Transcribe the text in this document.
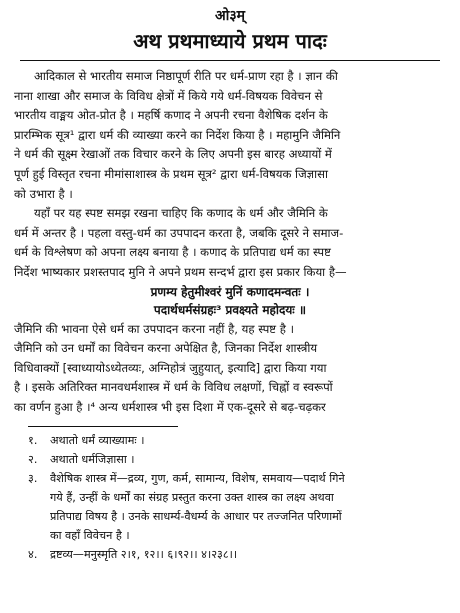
ओ३म्
अथ प्रथमाध्याये प्रथम पादः

आदिकाल से भारतीय समाज निष्ठापूर्ण रीति पर धर्म-प्राण रहा है । ज्ञान की
नाना शाखा और समाज के विविध क्षेत्रों में किये गये धर्म-विषयक विवेचन से
भारतीय वाङ्मय ओत-प्रोत है । महर्षि कणाद ने अपनी रचना वैशेषिक दर्शन के
प्रारम्भिक सूत्र¹ द्वारा धर्म की व्याख्या करने का निर्देश किया है । महामुनि जैमिनि
ने धर्म की सूक्ष्म रेखाओं तक विचार करने के लिए अपनी इस बारह अध्यायों में
पूर्ण हुई विस्तृत रचना मीमांसाशास्त्र के प्रथम सूत्र² द्वारा धर्म-विषयक जिज्ञासा
को उभारा है ।

यहाँ पर यह स्पष्ट समझ रखना चाहिए कि कणाद के धर्म और जैमिनि के
धर्म में अन्तर है । पहला वस्तु-धर्म का उपपादन करता है, जबकि दूसरे ने समाज-
धर्म के विश्लेषण को अपना लक्ष्य बनाया है । कणाद के प्रतिपाद्य धर्म का स्पष्ट
निर्देश भाष्यकार प्रशस्तपाद मुनि ने अपने प्रथम सन्दर्भ द्वारा इस प्रकार किया है—

प्रणम्य हेतुमीश्वरं मुनिं कणादमन्वतः ।
पदार्थधर्मसंग्रहः³ प्रवक्ष्यते महोदयः ॥

जैमिनि की भावना ऐसे धर्म का उपपादन करना नहीं है, यह स्पष्ट है ।
जैमिनि को उन धर्मों का विवेचन करना अपेक्षित है, जिनका निर्देश शास्त्रीय
विधिवाक्यों [स्वाध्यायोऽध्येतव्यः, अग्निहोत्रं जुहुयात्, इत्यादि] द्वारा किया गया
है । इसके अतिरिक्त मानवधर्मशास्त्र में धर्म के विविध लक्षणों, चिह्नों व स्वरूपों
का वर्णन हुआ है ।⁴ अन्य धर्मशास्त्र भी इस दिशा में एक-दूसरे से बढ़-चढ़कर

१.	अथातो धर्मं व्याख्यामः ।
२.	अथातो धर्मजिज्ञासा ।
३.	वैशेषिक शास्त्र में—द्रव्य, गुण, कर्म, सामान्य, विशेष, समवाय—पदार्थ गिने
गये हैं, उन्हीं के धर्मों का संग्रह प्रस्तुत करना उक्त शास्त्र का लक्ष्य अथवा
प्रतिपाद्य विषय है । उनके साधर्म्य-वैधर्म्य के आधार पर तज्जनित परिणामों
का वहाँ विवेचन है ।
४.	द्रष्टव्य—मनुस्मृति २।१, १२।। ६।९२।। ४।२३८।।
